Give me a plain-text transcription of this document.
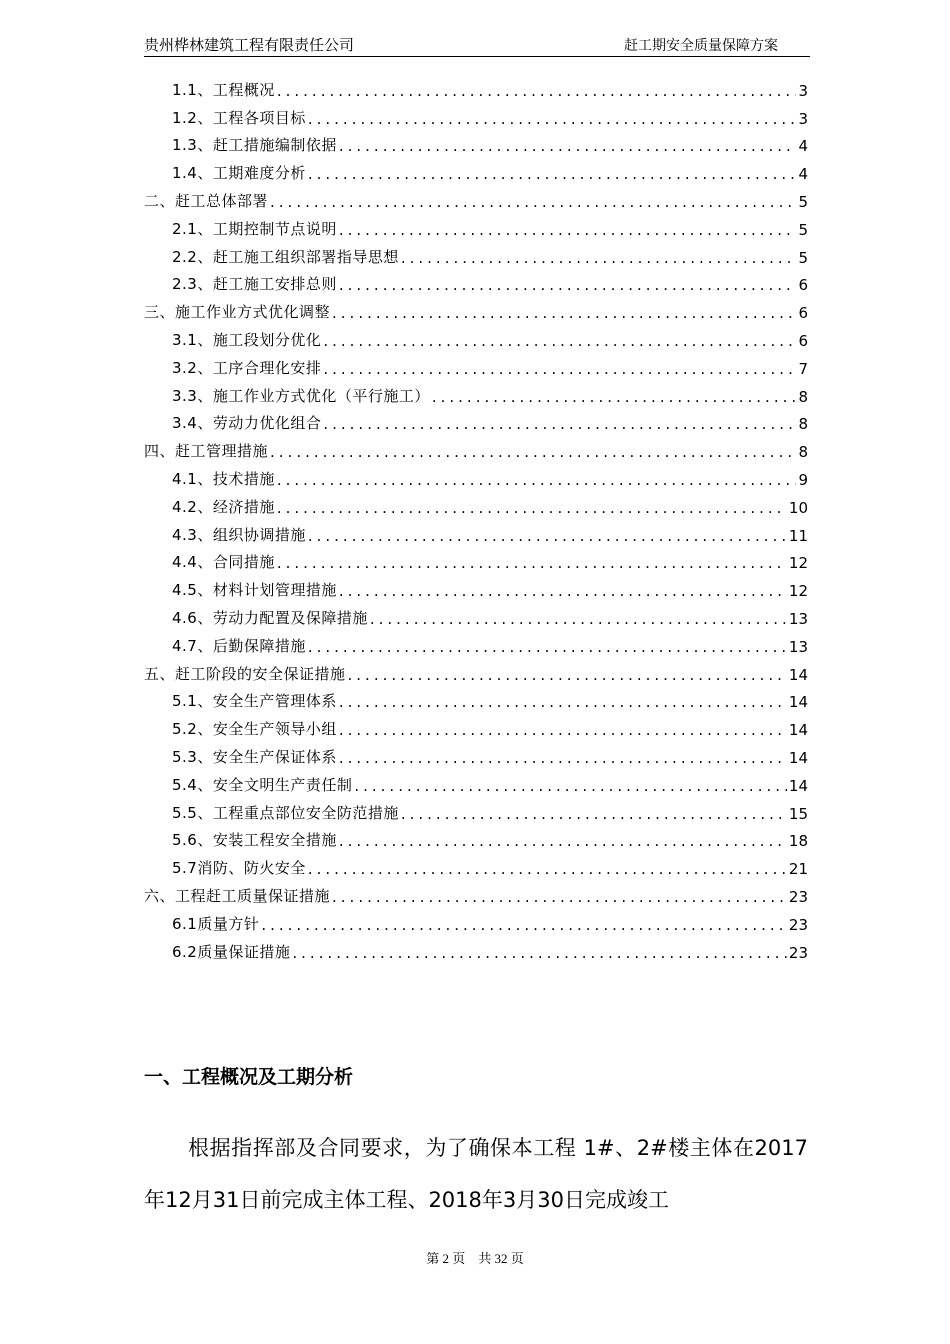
贵州桦林建筑工程有限责任公司	赶工期安全质量保障方案
1.1、工程概况 .....	3
1.2、工程各项目标 .....	3
1.3、赶工措施编制依据 .....	4
1.4、工期难度分析 .....	4
二、赶工总体部署 .....	5
2.1、工期控制节点说明 .....	5
2.2、赶工施工组织部署指导思想 .....	5
2.3、赶工施工安排总则 .....	6
三、施工作业方式优化调整 .....	6
3.1、施工段划分优化 .....	6
3.2、工序合理化安排 .....	7
3.3、施工作业方式优化（平行施工） .....	8
3.4、劳动力优化组合 .....	8
四、赶工管理措施 .....	8
4.1、技术措施 .....	9
4.2、经济措施 .....	10
4.3、组织协调措施 .....	11
4.4、合同措施 .....	12
4.5、材料计划管理措施 .....	12
4.6、劳动力配置及保障措施 .....	13
4.7、后勤保障措施 .....	13
五、赶工阶段的安全保证措施 .....	14
5.1、安全生产管理体系 .....	14
5.2、安全生产领导小组 .....	14
5.3、安全生产保证体系 .....	14
5.4、安全文明生产责任制 .....	14
5.5、工程重点部位安全防范措施 .....	15
5.6、安装工程安全措施 .....	18
5.7消防、防火安全 .....	21
六、工程赶工质量保证措施 .....	23
6.1质量方针 .....	23
6.2质量保证措施 .....	23
一、工程概况及工期分析
根据指挥部及合同要求，为了确保本工程 1#、2#楼主体在2017年12月31日前完成主体工程、2018年3月30日完成竣工
第 2 页　共 32 页
